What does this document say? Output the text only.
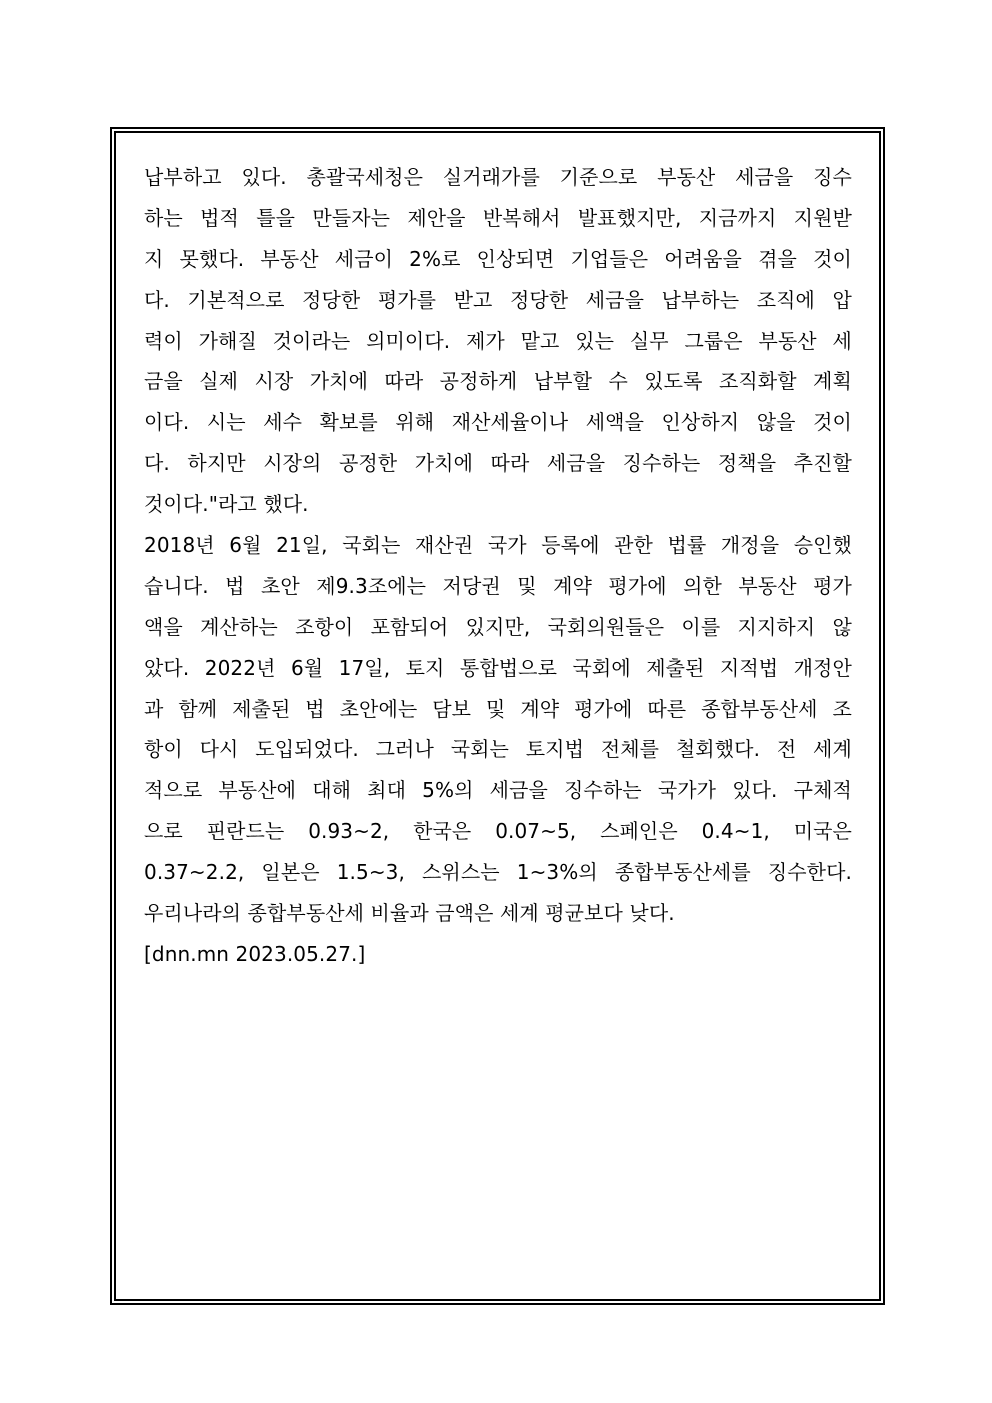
납부하고 있다. 총괄국세청은 실거래가를 기준으로 부동산 세금을 징수
하는 법적 틀을 만들자는 제안을 반복해서 발표했지만, 지금까지 지원받
지 못했다. 부동산 세금이 2%로 인상되면 기업들은 어려움을 겪을 것이
다. 기본적으로 정당한 평가를 받고 정당한 세금을 납부하는 조직에 압
력이 가해질 것이라는 의미이다. 제가 맡고 있는 실무 그룹은 부동산 세
금을 실제 시장 가치에 따라 공정하게 납부할 수 있도록 조직화할 계획
이다. 시는 세수 확보를 위해 재산세율이나 세액을 인상하지 않을 것이
다. 하지만 시장의 공정한 가치에 따라 세금을 징수하는 정책을 추진할
것이다."라고 했다.
2018년 6월 21일, 국회는 재산권 국가 등록에 관한 법률 개정을 승인했
습니다. 법 초안 제9.3조에는 저당권 및 계약 평가에 의한 부동산 평가
액을 계산하는 조항이 포함되어 있지만, 국회의원들은 이를 지지하지 않
았다. 2022년 6월 17일, 토지 통합법으로 국회에 제출된 지적법 개정안
과 함께 제출된 법 초안에는 담보 및 계약 평가에 따른 종합부동산세 조
항이 다시 도입되었다. 그러나 국회는 토지법 전체를 철회했다. 전 세계
적으로 부동산에 대해 최대 5%의 세금을 징수하는 국가가 있다. 구체적
으로 핀란드는 0.93~2, 한국은 0.07~5, 스페인은 0.4~1, 미국은
0.37~2.2, 일본은 1.5~3, 스위스는 1~3%의 종합부동산세를 징수한다.
우리나라의 종합부동산세 비율과 금액은 세계 평균보다 낮다.
[dnn.mn 2023.05.27.]
